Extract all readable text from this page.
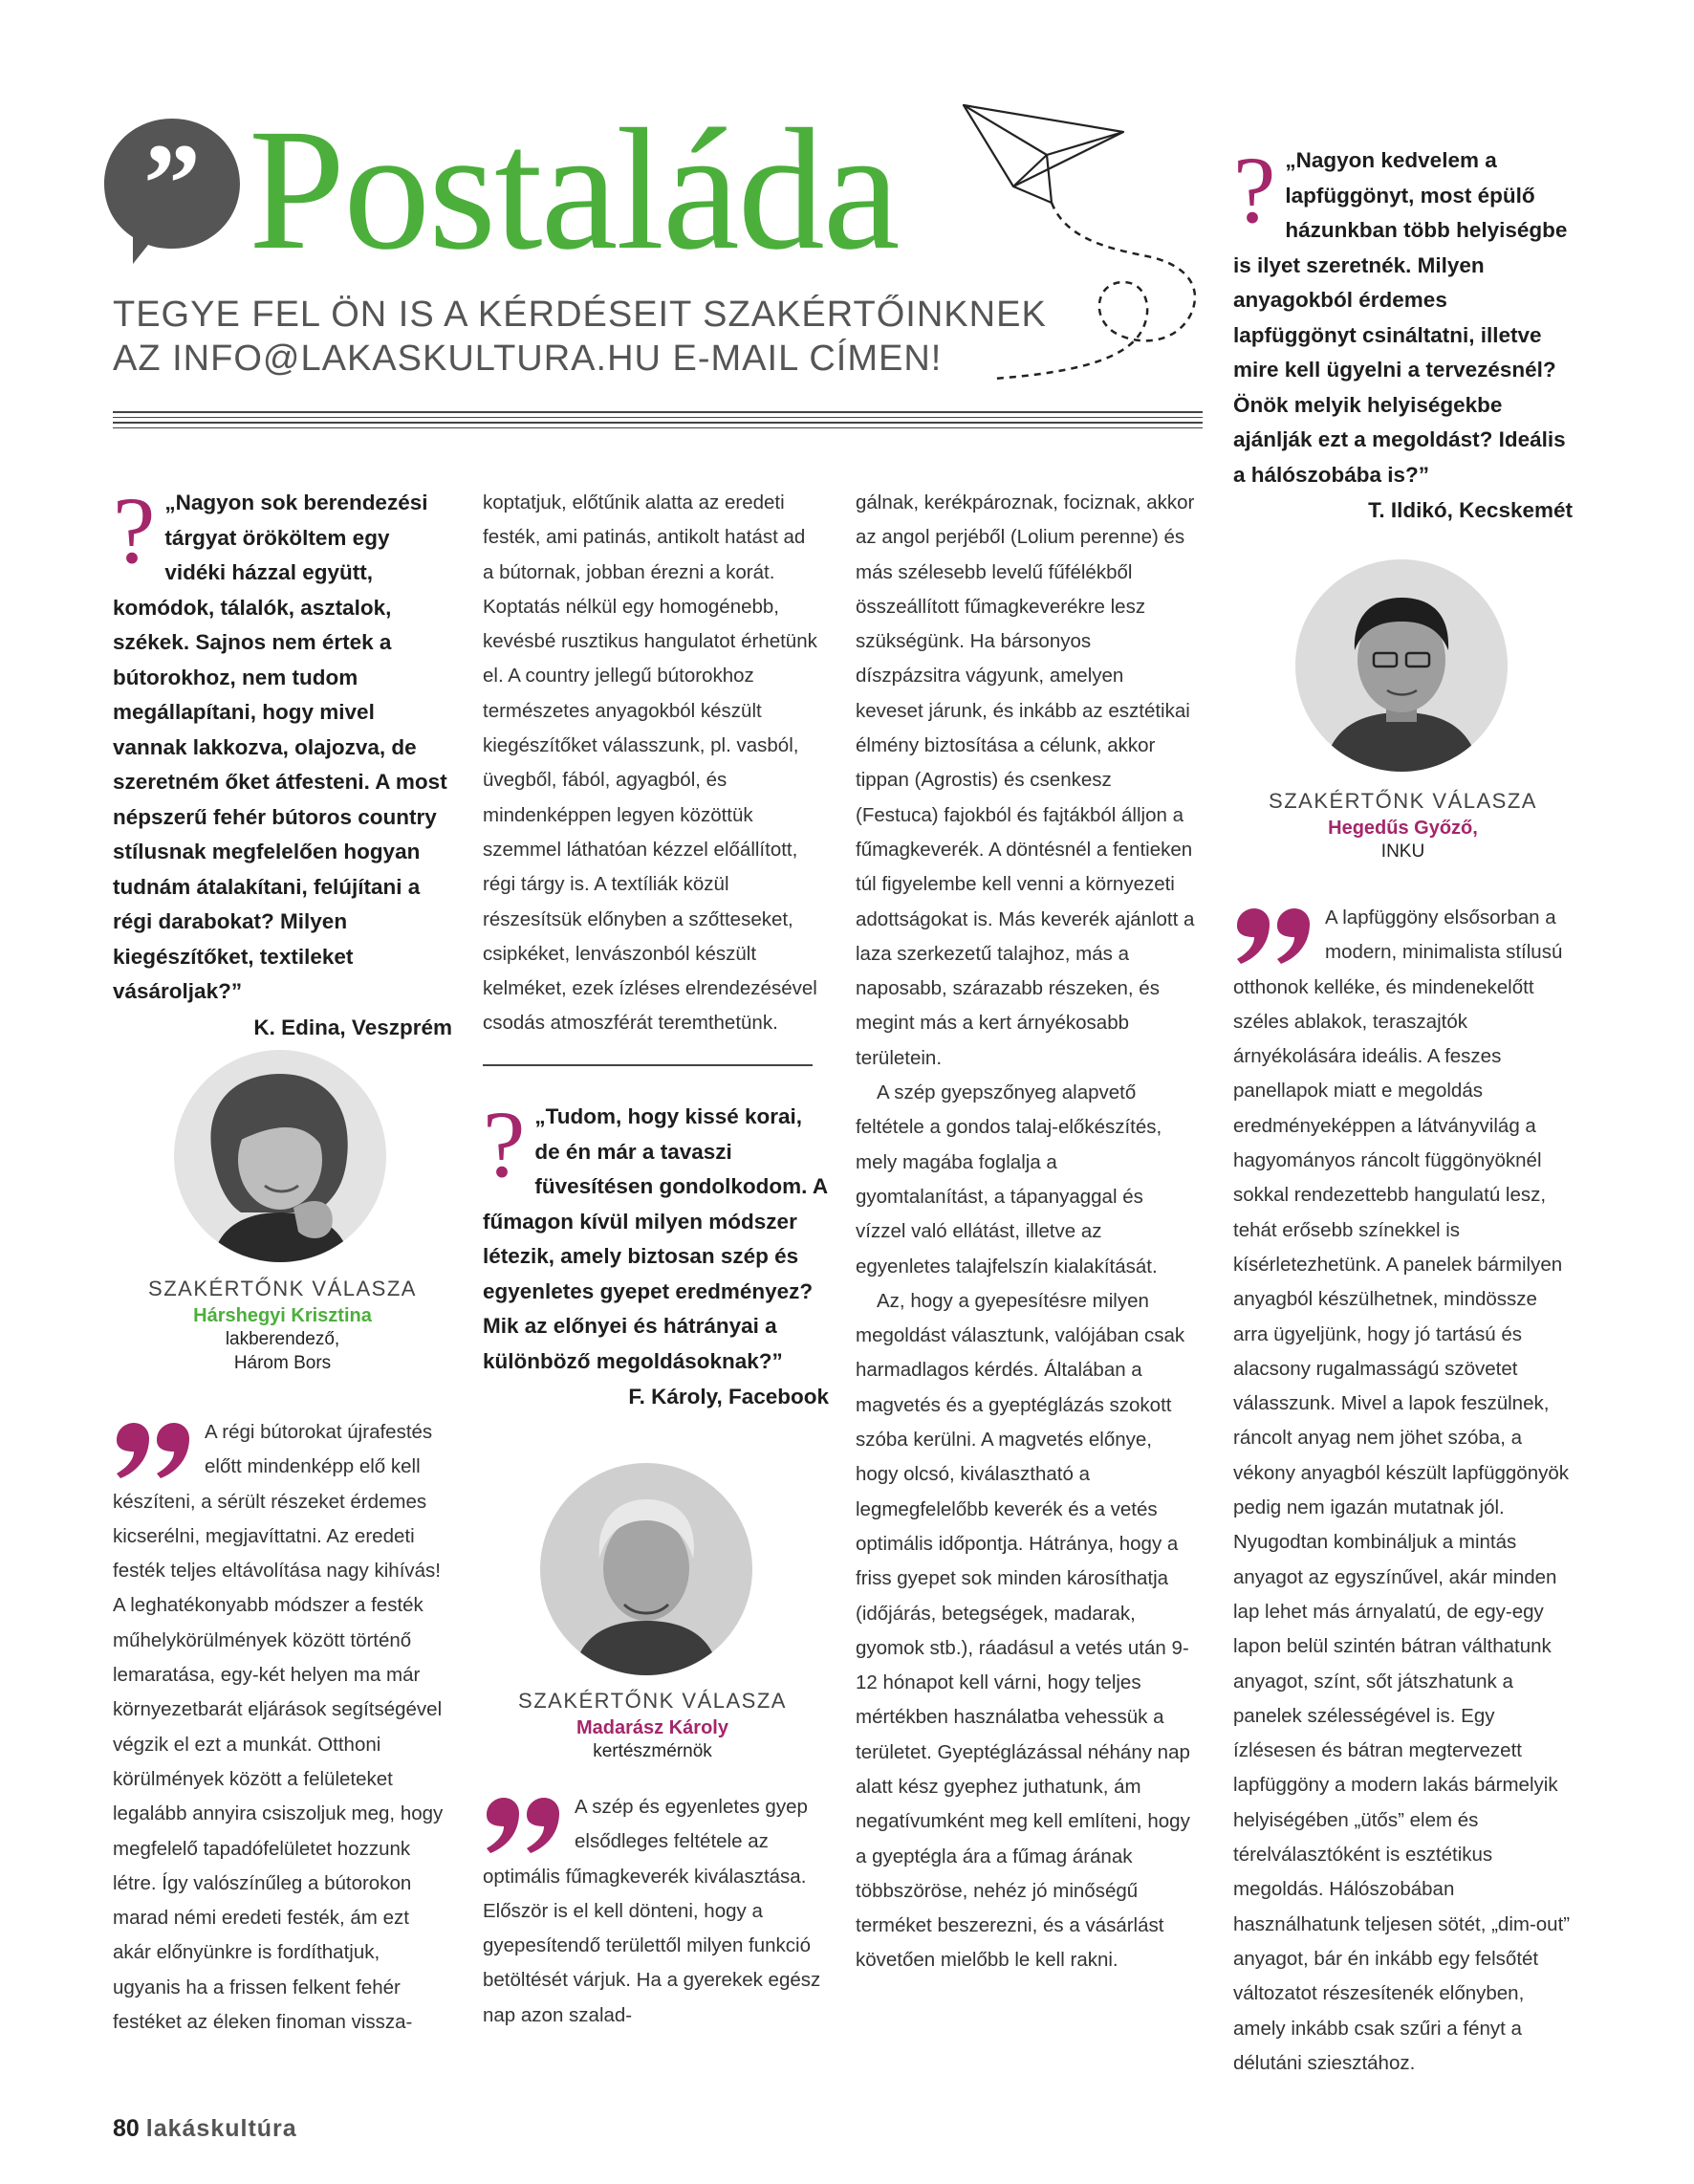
” Postaláda
TEGYE FEL ÖN IS A KÉRDÉSEIT SZAKÉRTŐINKNEK
AZ INFO@LAKASKULTURA.HU E-MAIL CÍMEN!
? „Nagyon kedvelem a lapfüggönyt, most épülő házunkban több helyiségbe is ilyet szeretnék. Milyen anyagokból érdemes lapfüggönyt csináltatni, illetve mire kell ügyelni a tervezésnél? Önök melyik helyiségekbe ajánlják ezt a megoldást? Ideális a hálószobába is?”
T. Ildikó, Kecskemét
SZAKÉRTŐNK VÁLASZA
Hegedűs Győző,
INKU
A lapfüggöny elsősorban a modern, minimalista stílusú otthonok kelléke, és mindenekelőtt széles ablakok, teraszajtók árnyékolására ideális. A feszes panellapok miatt e megoldás eredményeképpen a látványvilág a hagyományos ráncolt függönyöknél sokkal rendezettebb hangulatú lesz, tehát erősebb színekkel is kísérletezhetünk. A panelek bármilyen anyagból készülhetnek, mindössze arra ügyeljünk, hogy jó tartású és alacsony rugalmasságú szövetet válasszunk. Mivel a lapok feszülnek, ráncolt anyag nem jöhet szóba, a vékony anyagból készült lapfüggönyök pedig nem igazán mutatnak jól. Nyugodtan kombináljuk a mintás anyagot az egyszínűvel, akár minden lap lehet más árnyalatú, de egy-egy lapon belül szintén bátran válthatunk anyagot, színt, sőt játszhatunk a panelek szélességével is. Egy ízlésesen és bátran megtervezett lapfüggöny a modern lakás bármelyik helyiségében „ütős” elem és térelválasztóként is esztétikus megoldás. Hálószobában használhatunk teljesen sötét, „dim-out” anyagot, bár én inkább egy felsőtét változatot részesítenék előnyben, amely inkább csak szűri a fényt a délutáni sziesztához.
? „Nagyon sok berendezési tárgyat örököltem egy vidéki házzal együtt, komódok, tálalók, asztalok, székek. Sajnos nem értek a bútorokhoz, nem tudom megállapítani, hogy mivel vannak lakkozva, olajozva, de szeretném őket átfesteni. A most népszerű fehér bútoros country stílusnak megfelelően hogyan tudnám átalakítani, felújítani a régi darabokat? Milyen kiegészítőket, textileket vásároljak?”
K. Edina, Veszprém
SZAKÉRTŐNK VÁLASZA
Hárshegyi Krisztina
lakberendező,
Három Bors
A régi bútorokat újrafestés előtt mindenképp elő kell készíteni, a sérült részeket érdemes kicserélni, megjavíttatni. Az eredeti festék teljes eltávolítása nagy kihívás! A leghatékonyabb módszer a festék műhelykörülmények között történő lemaratása, egy-két helyen ma már környezetbarát eljárások segítségével végzik el ezt a munkát. Otthoni körülmények között a felületeket legalább annyira csiszoljuk meg, hogy megfelelő tapadófelületet hozzunk létre. Így valószínűleg a bútorokon marad némi eredeti festék, ám ezt akár előnyünkre is fordíthatjuk, ugyanis ha a frissen felkent fehér festéket az éleken finoman vissza-
koptatjuk, előtűnik alatta az eredeti festék, ami patinás, antikolt hatást ad a bútornak, jobban érezni a korát. Koptatás nélkül egy homogénebb, kevésbé rusztikus hangulatot érhetünk el. A country jellegű bútorokhoz természetes anyagokból készült kiegészítőket válasszunk, pl. vasból, üvegből, fából, agyagból, és mindenképpen legyen közöttük szemmel láthatóan kézzel előállított, régi tárgy is. A textíliák közül részesítsük előnyben a szőtteseket, csipkéket, lenvászonból készült kelméket, ezek ízléses elrendezésével csodás atmoszférát teremthetünk.
? „Tudom, hogy kissé korai, de én már a tavaszi füvesítésen gondolkodom. A fűmagon kívül milyen módszer létezik, amely biztosan szép és egyenletes gyepet eredményez? Mik az előnyei és hátrányai a különböző megoldásoknak?”
F. Károly, Facebook
SZAKÉRTŐNK VÁLASZA
Madarász Károly
kertészmérnök
A szép és egyenletes gyep elsődleges feltétele az optimális fűmagkeverék kiválasztása. Először is el kell dönteni, hogy a gyepesítendő területtől milyen funkció betöltését várjuk. Ha a gyerekek egész nap azon szalad-
gálnak, kerékpároznak, fociznak, akkor az angol perjéből (Lolium perenne) és más szélesebb levelű fűfélékből összeállított fűmagkeverékre lesz szükségünk. Ha bársonyos díszpázsitra vágyunk, amelyen keveset járunk, és inkább az esztétikai élmény biztosítása a célunk, akkor tippan (Agrostis) és csenkesz (Festuca) fajokból és fajtákból álljon a fűmagkeverék. A döntésnél a fentieken túl figyelembe kell venni a környezeti adottságokat is. Más keverék ajánlott a laza szerkezetű talajhoz, más a naposabb, szárazabb részeken, és megint más a kert árnyékosabb területein.
A szép gyepszőnyeg alapvető feltétele a gondos talaj-előkészítés, mely magába foglalja a gyomtalanítást, a tápanyaggal és vízzel való ellátást, illetve az egyenletes talajfelszín kialakítását.
Az, hogy a gyepesítésre milyen megoldást választunk, valójában csak harmadlagos kérdés. Általában a magvetés és a gyeptéglázás szokott szóba kerülni. A magvetés előnye, hogy olcsó, kiválasztható a legmegfelelőbb keverék és a vetés optimális időpontja. Hátránya, hogy a friss gyepet sok minden károsíthatja (időjárás, betegségek, madarak, gyomok stb.), ráadásul a vetés után 9-12 hónapot kell várni, hogy teljes mértékben használatba vehessük a területet. Gyeptéglázással néhány nap alatt kész gyephez juthatunk, ám negatívumként meg kell említeni, hogy a gyeptégla ára a fűmag árának többszöröse, nehéz jó minőségű terméket beszerezni, és a vásárlást követően mielőbb le kell rakni.
80 lakáskultúra
